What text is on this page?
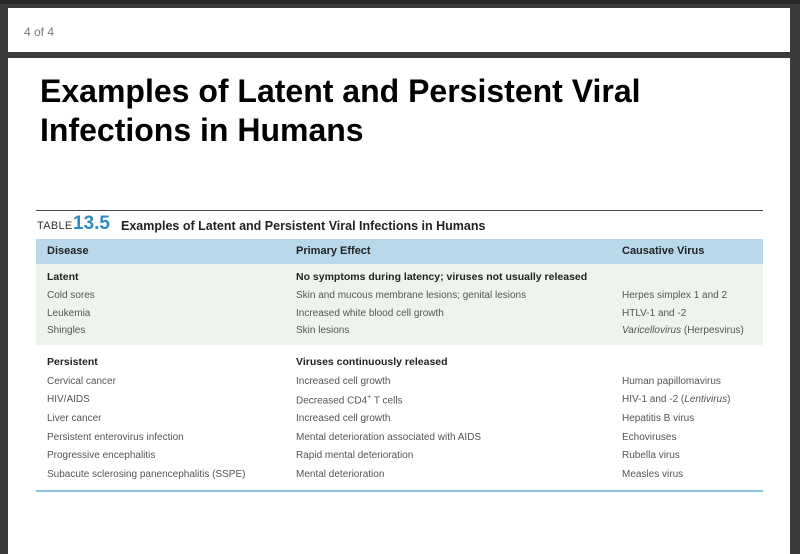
4 of 4
Examples of Latent and Persistent Viral Infections in Humans
TABLE 13.5 Examples of Latent and Persistent Viral Infections in Humans
Disease	Primary Effect	Causative Virus
Latent	No symptoms during latency; viruses not usually released
Cold sores	Skin and mucous membrane lesions; genital lesions	Herpes simplex 1 and 2
Leukemia	Increased white blood cell growth	HTLV-1 and -2
Shingles	Skin lesions	Varicellovirus (Herpesvirus)
Persistent	Viruses continuously released
Cervical cancer	Increased cell growth	Human papillomavirus
HIV/AIDS	Decreased CD4+ T cells	HIV-1 and -2 (Lentivirus)
Liver cancer	Increased cell growth	Hepatitis B virus
Persistent enterovirus infection	Mental deterioration associated with AIDS	Echoviruses
Progressive encephalitis	Rapid mental deterioration	Rubella virus
Subacute sclerosing panencephalitis (SSPE)	Mental deterioration	Measles virus
